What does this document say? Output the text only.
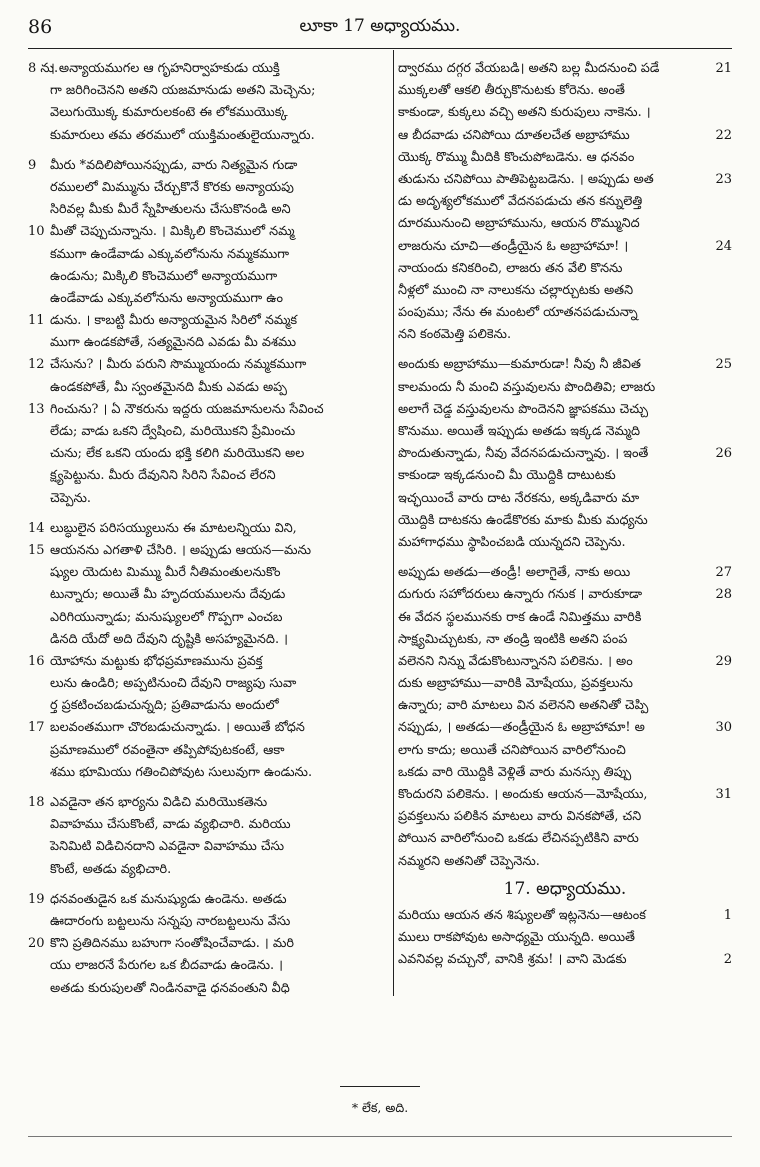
86	లూకా 17 అధ్యాయము.
8 ను.
। అన్యాయముగల ఆ గృహనిర్వాహకుడు యుక్తి
గా జరిగించెనని అతని యజమానుడు అతని మెచ్చెను;
వెలుగుయొక్క కుమారులకంటె ఈ లోకముయొక్క
కుమారులు తమ తరములో యుక్తిమంతులైయున్నారు.
9 మీరు *వదిలిపోయినప్పుడు, వారు నిత్యమైన గుడా
రములలో మిమ్మును చేర్చుకొనే కొరకు అన్యాయపు
సిరివల్ల మీకు మీరే స్నేహితులను చేసుకొనండి అని
10 మీతో చెప్పుచున్నాను. । మిక్కిలి కొంచెములో నమ్మ
కముగా ఉండేవాడు ఎక్కువలోనును నమ్మకముగా
ఉండును; మిక్కిలి కొంచెములో అన్యాయముగా
ఉండేవాడు ఎక్కువలోనును అన్యాయముగా ఉం
11 డును. । కాబట్టి మీరు అన్యాయమైన సిరిలో నమ్మక
ముగా ఉండకపోతే, సత్యమైనది ఎవడు మీ వశము
12 చేసును? । మీరు పరుని సొమ్ముయందు నమ్మకముగా
ఉండకపోతే, మీ స్వంతమైనది మీకు ఎవడు అప్ప
13 గించును? । ఏ నౌకరును ఇద్దరు యజమానులను సేవించ
లేడు; వాడు ఒకని ద్వేషించి, మరియొకని ప్రేమించు
చును; లేక ఒకని యందు భక్తి కలిగి మరియొకని అల
క్ష్యపెట్టును. మీరు దేవునిని సిరిని సేవించ లేరని
చెప్పెను.
14 లుబ్ధులైన పరిసయ్యులును ఈ మాటలన్నియు విని,
15 ఆయనను ఎగతాళి చేసిరి. । అప్పుడు ఆయన—మను
ష్యుల యెదుట మిమ్ము మీరే నీతిమంతులనుకొం
టున్నారు; అయితే మీ హృదయములను దేవుడు
ఎరిగియున్నాడు; మనుష్యులలో గొప్పగా ఎంచబ
డినది యేదో అది దేవుని దృష్టికి అసహ్యమైనది. ।
16 యోహాను మట్టుకు భోధప్రమాణమును ప్రవక్త
లును ఉండిరి; అప్పటినుంచి దేవుని రాజ్యపు సువా
ర్త ప్రకటించబడుచున్నది; ప్రతివాడును అందులో
17 బలవంతముగా చొరబడుచున్నాడు. । అయితే బోధన
ప్రమాణములో రవంతైనా తప్పిపోవుటకంటే, ఆకా
శము భూమియు గతించిపోవుట సులువుగా ఉండును.
18 ఎవడైనా తన భార్యను విడిచి మరియొకతెను
వివాహము చేసుకొంటే, వాడు వ్యభిచారి. మరియు
పెనిమిటి విడిచినదాని ఎవడైనా వివాహము చేసు
కొంటే, అతడు వ్యభిచారి.
19 ధనవంతుడైన ఒక మనుష్యుడు ఉండెను. అతడు
ఊదారంగు బట్టలును సన్నపు నారబట్టలును వేసు
20 కొని ప్రతిదినము బహుగా సంతోషించేవాడు. । మరి
యు లాజరనే పేరుగల ఒక బీదవాడు ఉండెను. ।
అతడు కురుపులతో నిండినవాడై ధనవంతుని వీధి
21
ద్వారము దగ్గర వేయబడి। అతని బల్ల మీదనుంచి పడే
ముక్కలతో ఆకలి తీర్చుకొనుటకు కోరెను. అంతే
కాకుండా, కుక్కలు వచ్చి అతని కురుపులు నాకెను. ।
22
ఆ బీదవాడు చనిపోయి దూతలచేత అబ్రాహాము
యొక్క రొమ్ము మీదికి కొంచుపోబడెను. ఆ ధనవం
23
తుడును చనిపోయి పాతిపెట్టబడెను. । అప్పుడు అత
డు అదృశ్యలోకములో వేదనపడుచు తన కన్నులెత్తి
దూరమునుంచి అబ్రాహామును, ఆయన రొమ్మునిద
24
లాజరును చూచి—తండ్రీయైన ఓ అబ్రాహామా! ।
నాయందు కనికరించి, లాజరు తన వేలి కొనను
నీళ్లలో ముంచి నా నాలుకను చల్లార్చుటకు అతని
పంపుము; నేను ఈ మంటలో యాతనపడుచున్నా
నని కంఠమెత్తి పలికెను.
25
అందుకు అబ్రాహాము—కుమారుడా! నీవు నీ జీవిత
కాలమందు నీ మంచి వస్తువులను పొందితివి; లాజరు
అలాగే చెడ్డ వస్తువులను పొందెనని జ్ఞాపకము చెచ్చు
కొనుము. అయితే ఇప్పుడు అతడు ఇక్కడ నెమ్మది
26
పొందుతున్నాడు, నీవు వేదనపడుచున్నావు. । ఇంతే
కాకుండా ఇక్కడనుంచి మీ యొద్దికి దాటుటకు
ఇచ్ఛయించే వారు దాట నేరకను, అక్కడివారు మా
యొద్దికి దాటకను ఉండేకొరకు మాకు మీకు మధ్యను
మహాగాధము స్థాపించబడి యున్నదని చెప్పెను.
27
అప్పుడు అతడు—తండ్రీ! అలాగైతే, నాకు అయి
28
దుగురు సహోదరులు ఉన్నారు గనుక । వారుకూడా
ఈ వేదన స్థలమునకు రాక ఉండే నిమిత్తము వారికి
సాక్ష్యమిచ్చుటకు, నా తండ్రి ఇంటికి అతని పంప
29
వలెనని నిన్ను వేడుకొంటున్నానని పలికెను. । అం
దుకు అబ్రాహాము—వారికి మోషేయు, ప్రవక్తలును
ఉన్నారు; వారి మాటలు విన వలెనని అతనితో చెప్పి
30
నప్పుడు, । అతడు—తండ్రీయైన ఓ అబ్రాహామా! అ
లాగు కాదు; అయితే చనిపోయిన వారిలోనుంచి
ఒకడు వారి యొద్దికి వెళ్లితే వారు మనస్సు తిప్పు
31
కొందురని పలికెను. । అందుకు ఆయన—మోషేయు,
ప్రవక్తలును పలికిన మాటలు వారు వినకపోతే, చని
పోయిన వారిలోనుంచి ఒకడు లేచినప్పటికిని వారు
నమ్మరని అతనితో చెప్పెనెను.
17. అధ్యాయము.
1
మరియు ఆయన తన శిష్యులతో ఇట్లనెను—ఆటంక
ములు రాకపోవుట అసాధ్యమై యున్నది. అయితే
2
ఎవనివల్ల వచ్చునో, వానికి శ్రమ! । వాని మెడకు
* లేక, అది.
